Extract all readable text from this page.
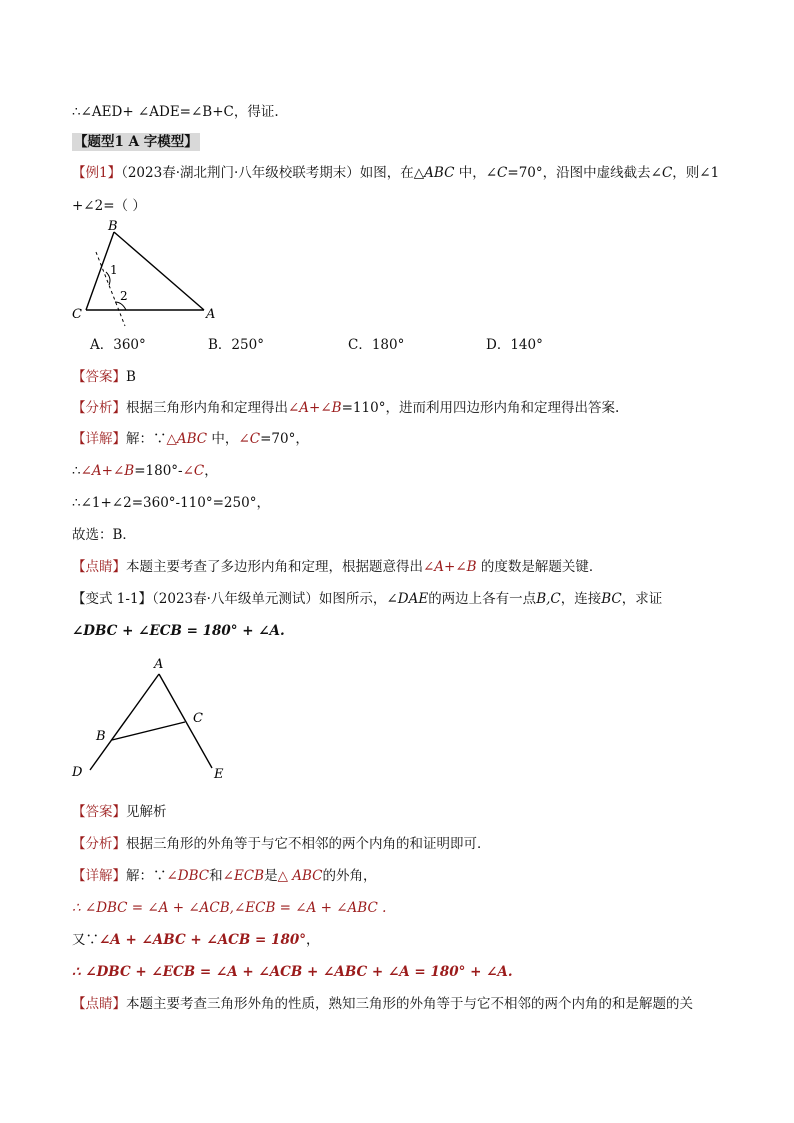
∴∠AED+ ∠ADE=∠B+C，得证.
【题型1 A 字模型】
【例1】（2023春·湖北荆门·八年级校联考期末）如图，在△ABC 中，∠C=70°，沿图中虚线截去∠C，则∠1
+∠2=（ ）
B
C	A
1
2
A．360°	B．250°	C．180°	D．140°
【答案】B
【分析】根据三角形内角和定理得出∠A+∠B=110°，进而利用四边形内角和定理得出答案.
【详解】解：∵△ABC 中，∠C=70°，
∴∠A+∠B=180°-∠C，
∴∠1+∠2=360°-110°=250°，
故选：B．
【点睛】本题主要考查了多边形内角和定理，根据题意得出∠A+∠B 的度数是解题关键．
【变式 1-1】（2023春·八年级单元测试）如图所示，∠DAE的两边上各有一点B,C，连接BC，求证
∠DBC + ∠ECB = 180° + ∠A.
A
B
C
D	E
【答案】见解析
【分析】根据三角形的外角等于与它不相邻的两个内角的和证明即可．
【详解】解：∵∠DBC和∠ECB是△ ABC的外角，
∴ ∠DBC = ∠A + ∠ACB,∠ECB = ∠A + ∠ABC .
又∵∠A + ∠ABC + ∠ACB = 180°，
∴ ∠DBC + ∠ECB = ∠A + ∠ACB + ∠ABC + ∠A = 180° + ∠A.
【点睛】本题主要考查三角形外角的性质，熟知三角形的外角等于与它不相邻的两个内角的和是解题的关
